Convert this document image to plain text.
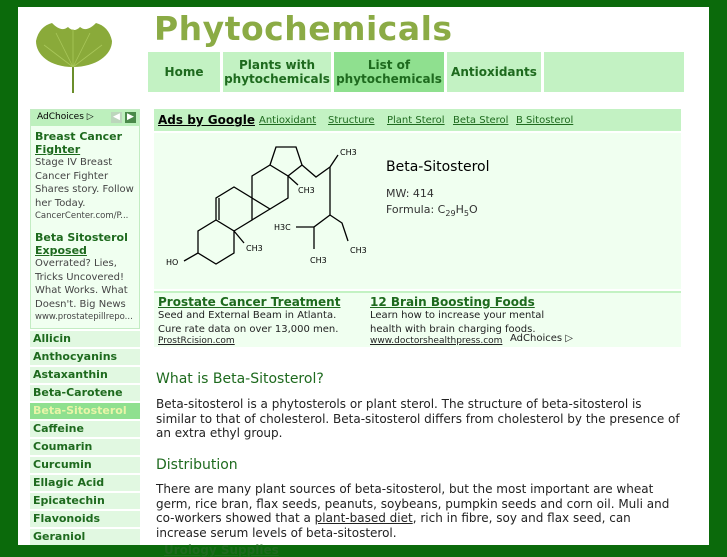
Phytochemicals
Home	Plants with phytochemicals
List of phytochemicals Antioxidants
AdChoices ▷ ◀ ▶
Breast Cancer
Fighter
Stage IV Breast Cancer Fighter Shares story. Follow her Today.
CancerCenter.com/P...
Beta Sitosterol
Exposed
Overrated? Lies, Tricks Uncovered! What Works. What Doesn't. Big News
www.prostatepillrepo...
Allicin
Anthocyanins
Astaxanthin
Beta-Carotene
Beta-Sitosterol
Caffeine
Coumarin
Curcumin
Ellagic Acid
Epicatechin
Flavonoids
Geraniol
Ads by Google Antioxidant Structure Plant Sterol Beta Sterol B Sitosterol
CH3
CH3
CH3
HO
H3C
CH3
CH3
Beta-Sitosterol
MW: 414
Formula: $C_{29}H_5O$
Prostate Cancer Treatment
Seed and External Beam in Atlanta. Cure rate data on over 13,000 men.
ProstRcision.com
12 Brain Boosting Foods
Learn how to increase your mental health with brain charging foods.
www.doctorshealthpress.com AdChoices ▷
What is Beta-Sitosterol?
Beta-sitosterol is a phytosterols or plant sterol. The structure of beta-sitosterol is similar to that of cholesterol. Beta-sitosterol differs from cholesterol by the presence of an extra ethyl group.
Distribution
There are many plant sources of beta-sitosterol, but the most important are wheat germ, rice bran, flax seeds, peanuts, soybeans, pumpkin seeds and corn oil. Muli and co-workers showed that a plant-based diet, rich in fibre, soy and flax seed, can increase serum levels of beta-sitosterol.
Urology Supplies
